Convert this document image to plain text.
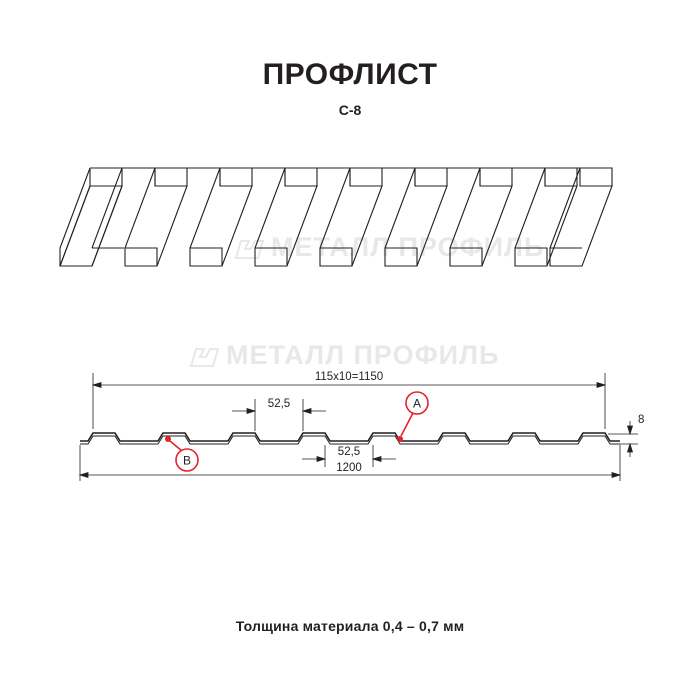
ПРОФЛИСТ
С-8
МЕТАЛЛ ПРОФИЛЬ
МЕТАЛЛ ПРОФИЛЬ
115х10=1150
52,5
52,5
1200
8
A
B
Толщина материала 0,4 – 0,7 мм
